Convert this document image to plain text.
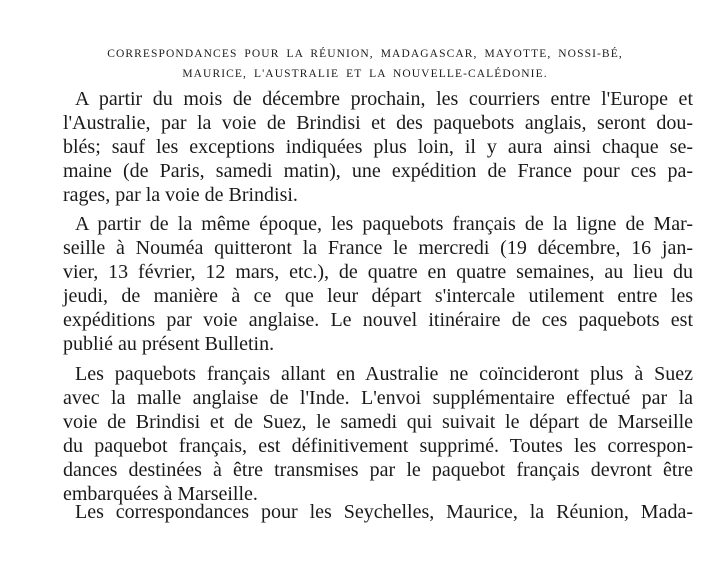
CORRESPONDANCES POUR LA RÉUNION, MADAGASCAR, MAYOTTE, NOSSI-BÉ,
MAURICE, L'AUSTRALIE ET LA NOUVELLE-CALÉDONIE.
A partir du mois de décembre prochain, les courriers entre l'Europe et
l'Australie, par la voie de Brindisi et des paquebots anglais, seront dou-
blés; sauf les exceptions indiquées plus loin, il y aura ainsi chaque se-
maine (de Paris, samedi matin), une expédition de France pour ces pa-
rages, par la voie de Brindisi.
A partir de la même époque, les paquebots français de la ligne de Mar-
seille à Nouméa quitteront la France le mercredi (19 décembre, 16 jan-
vier, 13 février, 12 mars, etc.), de quatre en quatre semaines, au lieu du
jeudi, de manière à ce que leur départ s'intercale utilement entre les
expéditions par voie anglaise. Le nouvel itinéraire de ces paquebots est
publié au présent Bulletin.
Les paquebots français allant en Australie ne coïncideront plus à Suez
avec la malle anglaise de l'Inde. L'envoi supplémentaire effectué par la
voie de Brindisi et de Suez, le samedi qui suivait le départ de Marseille
du paquebot français, est définitivement supprimé. Toutes les correspon-
dances destinées à être transmises par le paquebot français devront être
embarquées à Marseille.
Les correspondances pour les Seychelles, Maurice, la Réunion, Mada-
